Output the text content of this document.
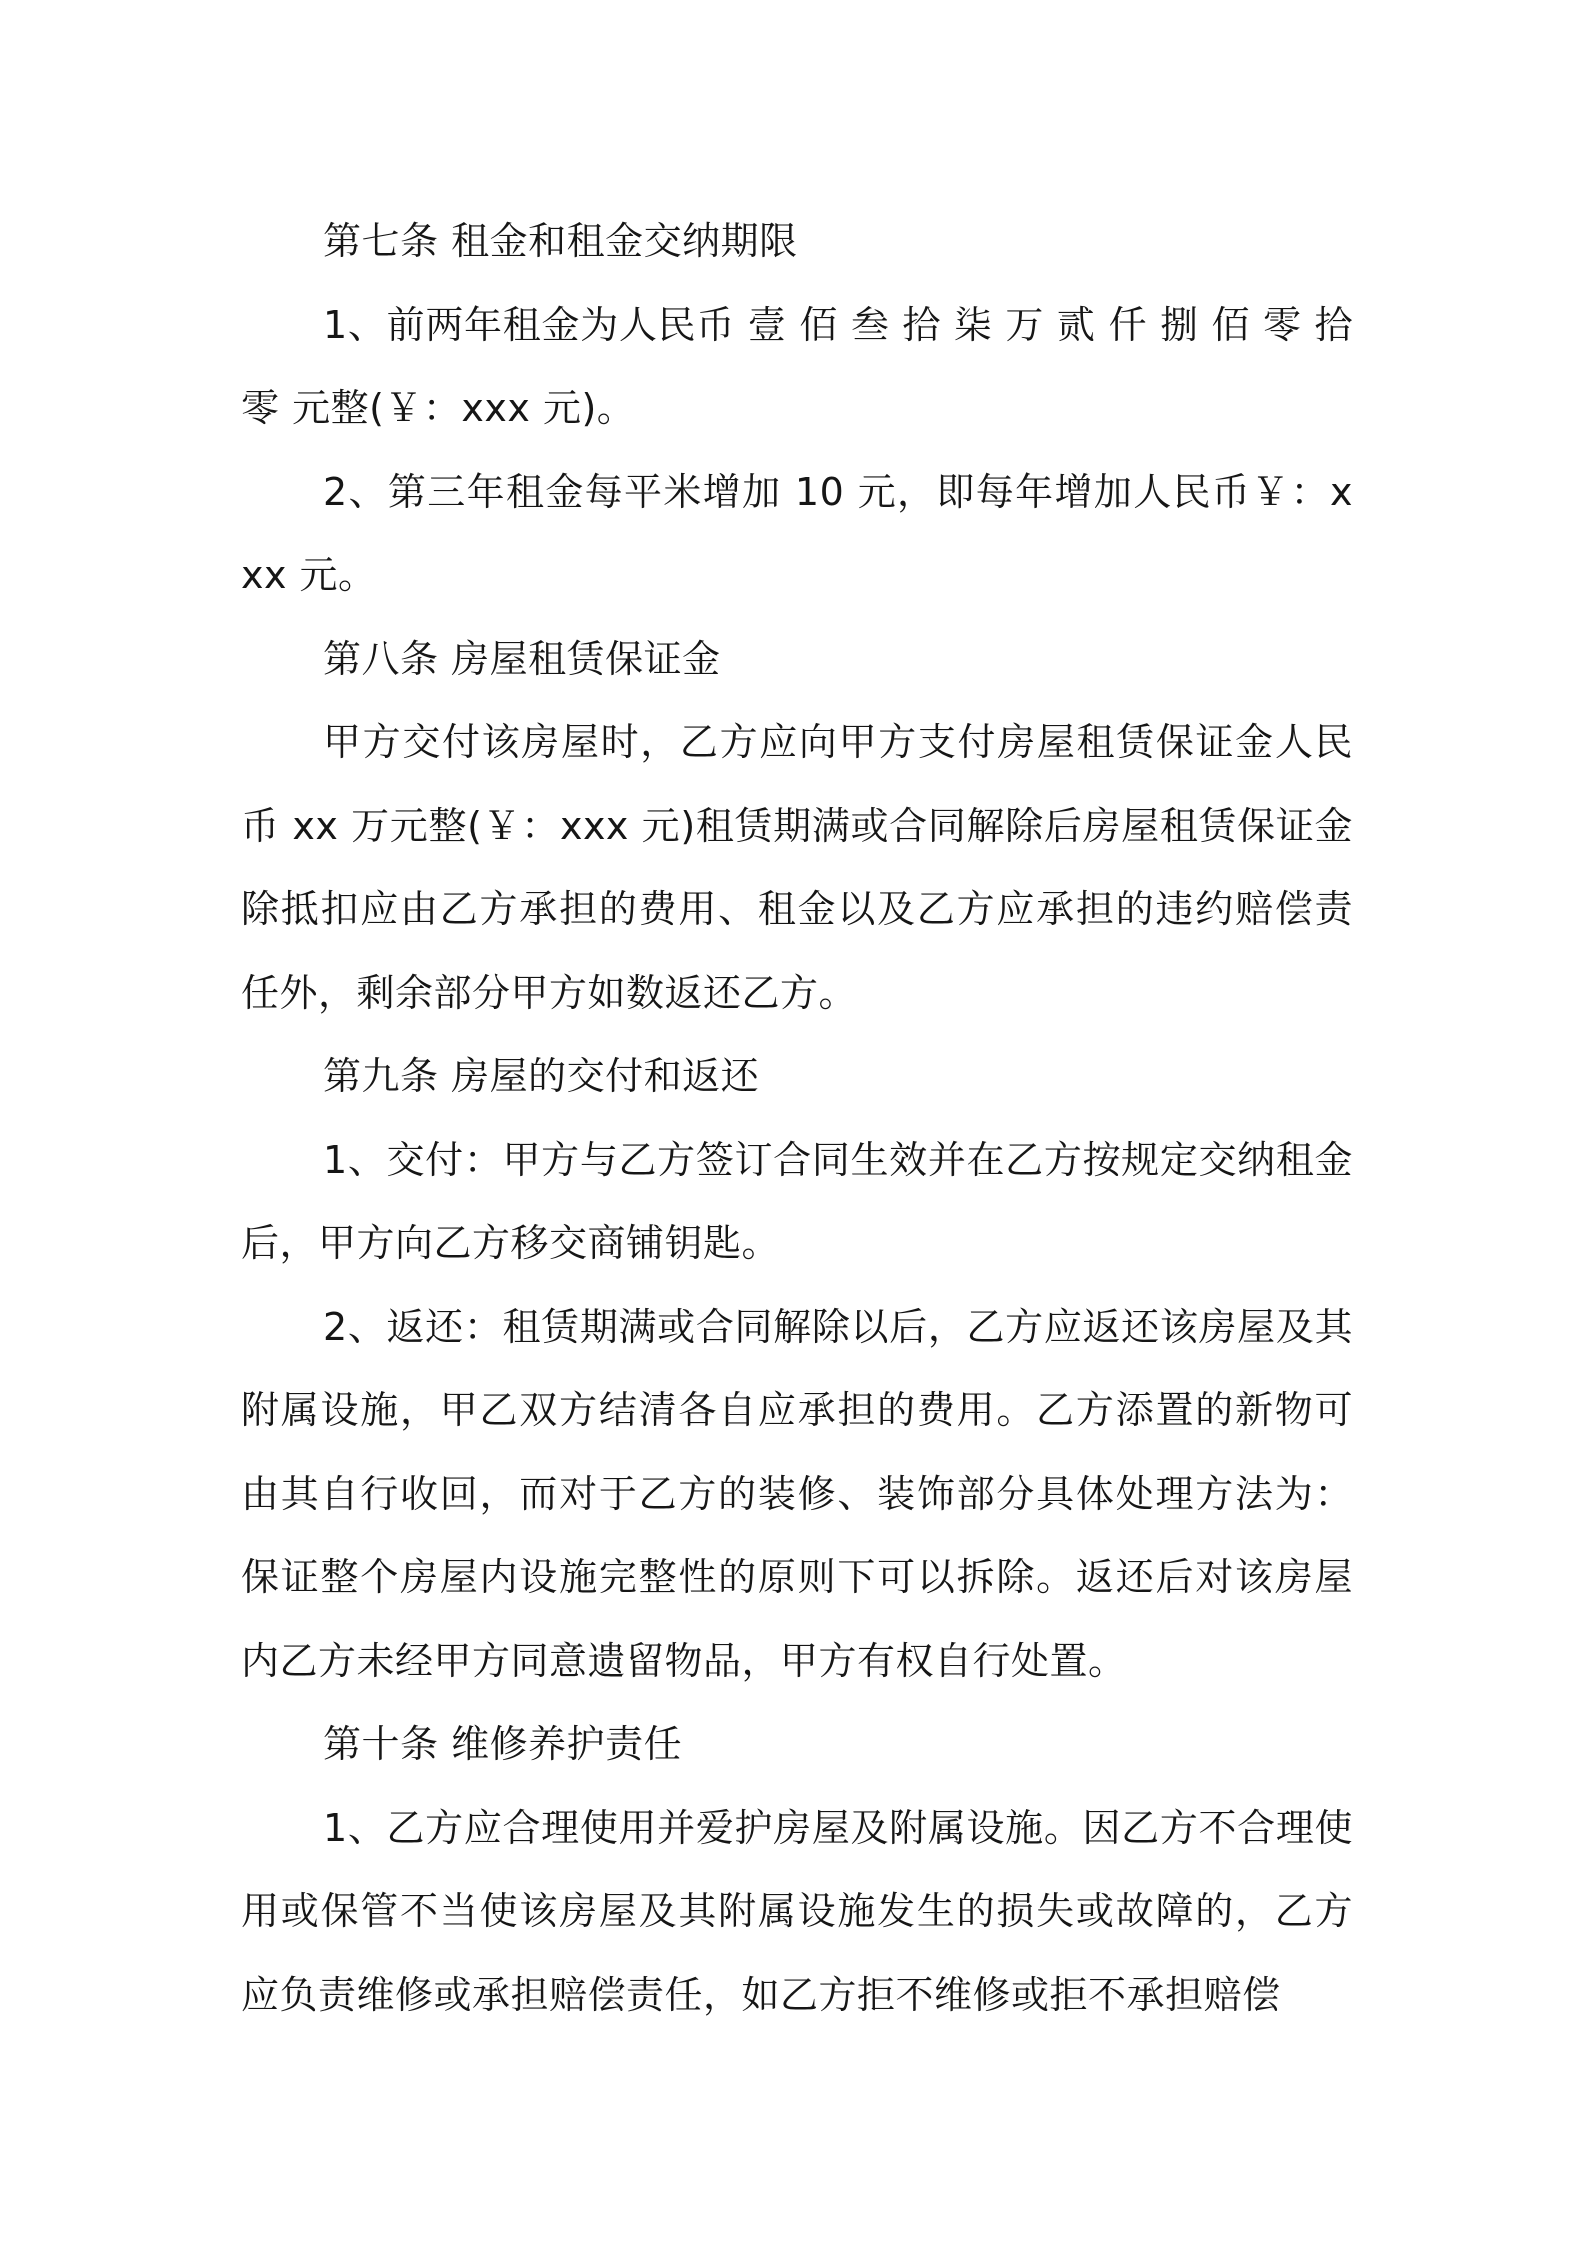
第七条 租金和租金交纳期限

1、前两年租金为人民币 壹 佰 叁 拾 柒 万 贰 仟 捌 佰 零 拾 零 元整(￥：xxx 元)。

2、第三年租金每平米增加 10 元，即每年增加人民币￥：xxx 元。

第八条 房屋租赁保证金

甲方交付该房屋时，乙方应向甲方支付房屋租赁保证金人民币 xx 万元整(￥：xxx 元)租赁期满或合同解除后房屋租赁保证金除抵扣应由乙方承担的费用、租金以及乙方应承担的违约赔偿责任外，剩余部分甲方如数返还乙方。

第九条 房屋的交付和返还

1、交付：甲方与乙方签订合同生效并在乙方按规定交纳租金后，甲方向乙方移交商铺钥匙。

2、返还：租赁期满或合同解除以后，乙方应返还该房屋及其附属设施，甲乙双方结清各自应承担的费用。乙方添置的新物可由其自行收回，而对于乙方的装修、装饰部分具体处理方法为：保证整个房屋内设施完整性的原则下可以拆除。返还后对该房屋内乙方未经甲方同意遗留物品，甲方有权自行处置。

第十条 维修养护责任

1、乙方应合理使用并爱护房屋及附属设施。因乙方不合理使用或保管不当使该房屋及其附属设施发生的损失或故障的，乙方应负责维修或承担赔偿责任，如乙方拒不维修或拒不承担赔偿
